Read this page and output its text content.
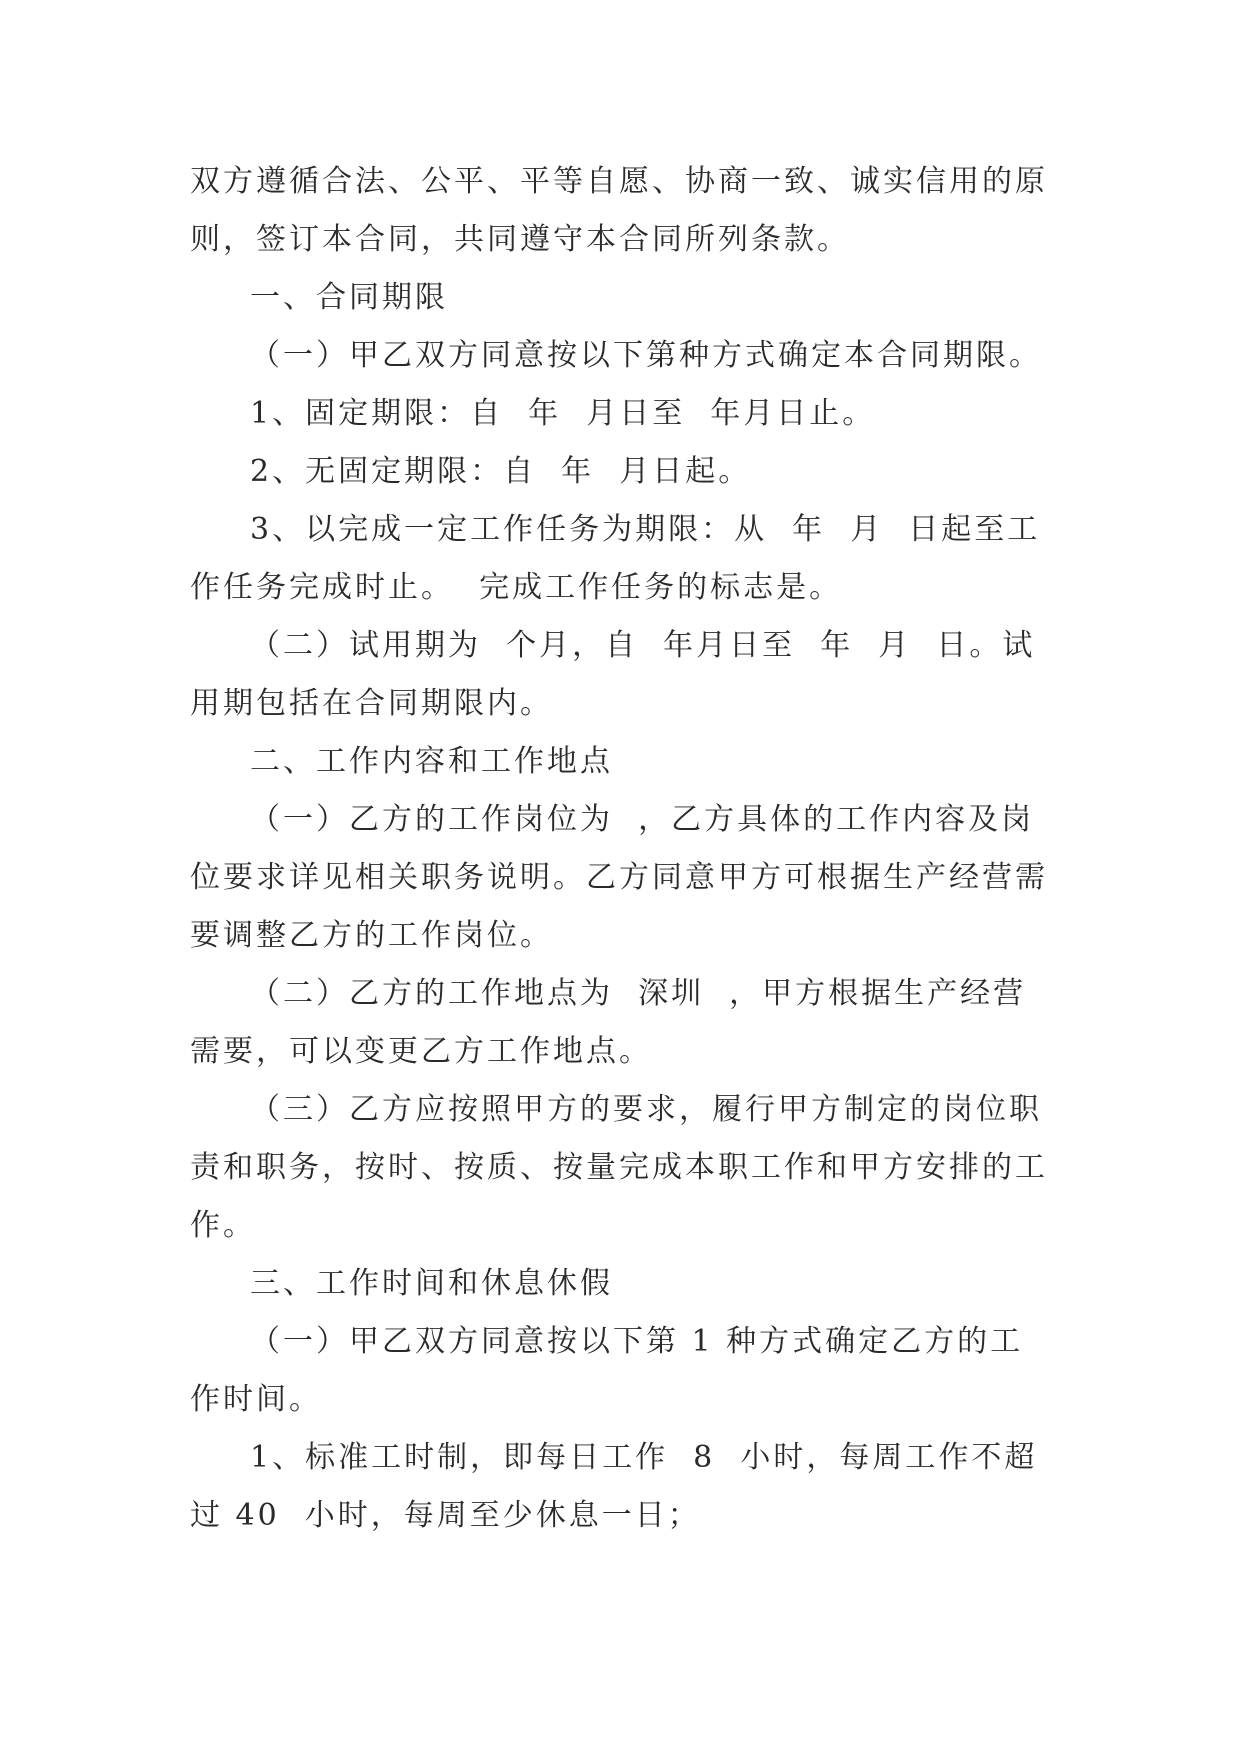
双方遵循合法、公平、平等自愿、协商一致、诚实信用的原则，签订本合同，共同遵守本合同所列条款。

一、合同期限

（一）甲乙双方同意按以下第种方式确定本合同期限。

1、固定期限：自  年  月日至  年月日止。

2、无固定期限：自  年  月日起。

3、以完成一定工作任务为期限：从  年  月  日起至工作任务完成时止。  完成工作任务的标志是。

（二）试用期为  个月，自  年月日至  年  月  日。试用期包括在合同期限内。

二、工作内容和工作地点

（一）乙方的工作岗位为  ，乙方具体的工作内容及岗位要求详见相关职务说明。乙方同意甲方可根据生产经营需要调整乙方的工作岗位。

（二）乙方的工作地点为  深圳  ，甲方根据生产经营需要，可以变更乙方工作地点。

（三）乙方应按照甲方的要求，履行甲方制定的岗位职责和职务，按时、按质、按量完成本职工作和甲方安排的工作。

三、工作时间和休息休假

（一）甲乙双方同意按以下第 1 种方式确定乙方的工作时间。

1、标准工时制，即每日工作  8  小时，每周工作不超过 40  小时，每周至少休息一日；
